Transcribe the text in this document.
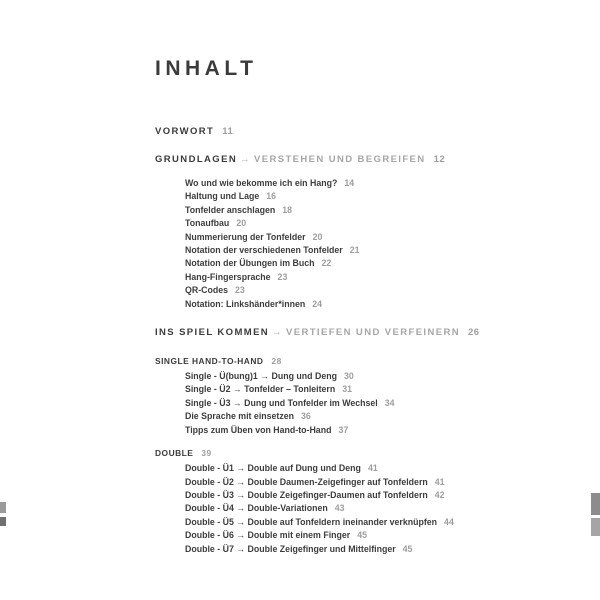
INHALT
VORWORT 11
GRUNDLAGEN → VERSTEHEN UND BEGREIFEN 12
Wo und wie bekomme ich ein Hang? 14
Haltung und Lage 16
Tonfelder anschlagen 18
Tonaufbau 20
Nummerierung der Tonfelder 20
Notation der verschiedenen Tonfelder 21
Notation der Übungen im Buch 22
Hang-Fingersprache 23
QR-Codes 23
Notation: Linkshänder*innen 24
INS SPIEL KOMMEN → VERTIEFEN UND VERFEINERN 26
SINGLE HAND-TO-HAND 28
Single - Ü(bung)1 → Dung und Deng 30
Single - Ü2 → Tonfelder – Tonleitern 31
Single - Ü3 → Dung und Tonfelder im Wechsel 34
Die Sprache mit einsetzen 36
Tipps zum Üben von Hand-to-Hand 37
DOUBLE 39
Double - Ü1 → Double auf Dung und Deng 41
Double - Ü2 → Double Daumen-Zeigefinger auf Tonfeldern 41
Double - Ü3 → Double Zeigefinger-Daumen auf Tonfeldern 42
Double - Ü4 → Double-Variationen 43
Double - Ü5 → Double auf Tonfeldern ineinander verknüpfen 44
Double - Ü6 → Double mit einem Finger 45
Double - Ü7 → Double Zeigefinger und Mittelfinger 45
